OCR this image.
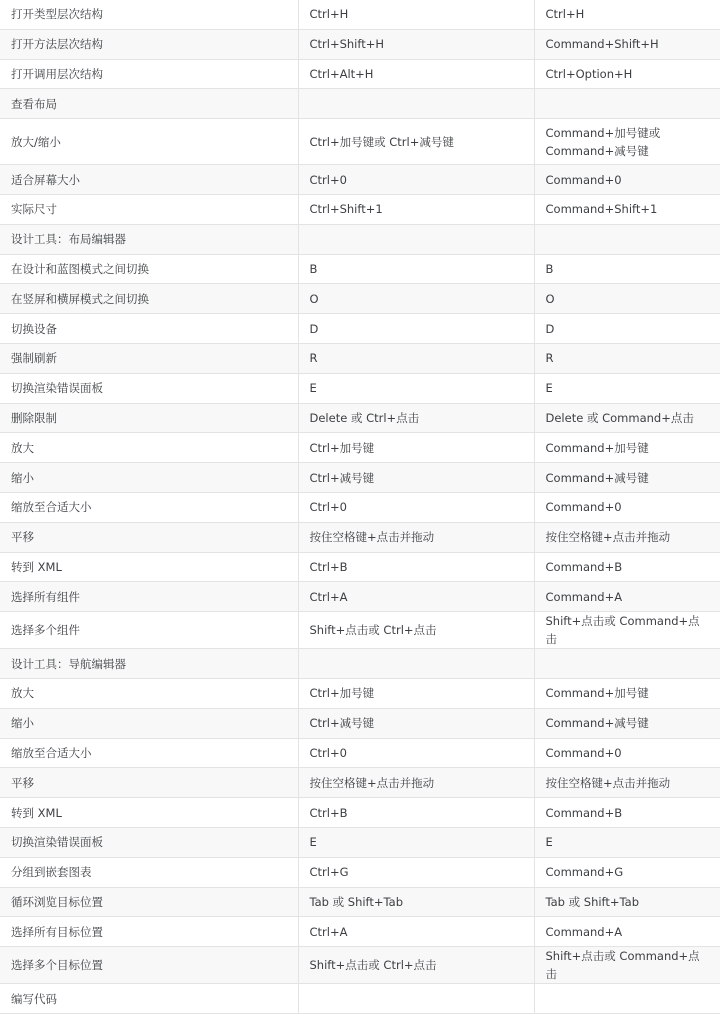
打开类型层次结构	Ctrl+H	Ctrl+H
打开方法层次结构	Ctrl+Shift+H	Command+Shift+H
打开调用层次结构	Ctrl+Alt+H	Ctrl+Option+H
查看布局		
放大/缩小	Ctrl+加号键或 Ctrl+减号键	Command+加号键或 Command+减号键
适合屏幕大小	Ctrl+0	Command+0
实际尺寸	Ctrl+Shift+1	Command+Shift+1
设计工具：布局编辑器		
在设计和蓝图模式之间切换	B	B
在竖屏和横屏模式之间切换	O	O
切换设备	D	D
强制刷新	R	R
切换渲染错误面板	E	E
删除限制	Delete 或 Ctrl+点击	Delete 或 Command+点击
放大	Ctrl+加号键	Command+加号键
缩小	Ctrl+减号键	Command+减号键
缩放至合适大小	Ctrl+0	Command+0
平移	按住空格键+点击并拖动	按住空格键+点击并拖动
转到 XML	Ctrl+B	Command+B
选择所有组件	Ctrl+A	Command+A
选择多个组件	Shift+点击或 Ctrl+点击	Shift+点击或 Command+点击
设计工具：导航编辑器		
放大	Ctrl+加号键	Command+加号键
缩小	Ctrl+减号键	Command+减号键
缩放至合适大小	Ctrl+0	Command+0
平移	按住空格键+点击并拖动	按住空格键+点击并拖动
转到 XML	Ctrl+B	Command+B
切换渲染错误面板	E	E
分组到嵌套图表	Ctrl+G	Command+G
循环浏览目标位置	Tab 或 Shift+Tab	Tab 或 Shift+Tab
选择所有目标位置	Ctrl+A	Command+A
选择多个目标位置	Shift+点击或 Ctrl+点击	Shift+点击或 Command+点击
编写代码		
